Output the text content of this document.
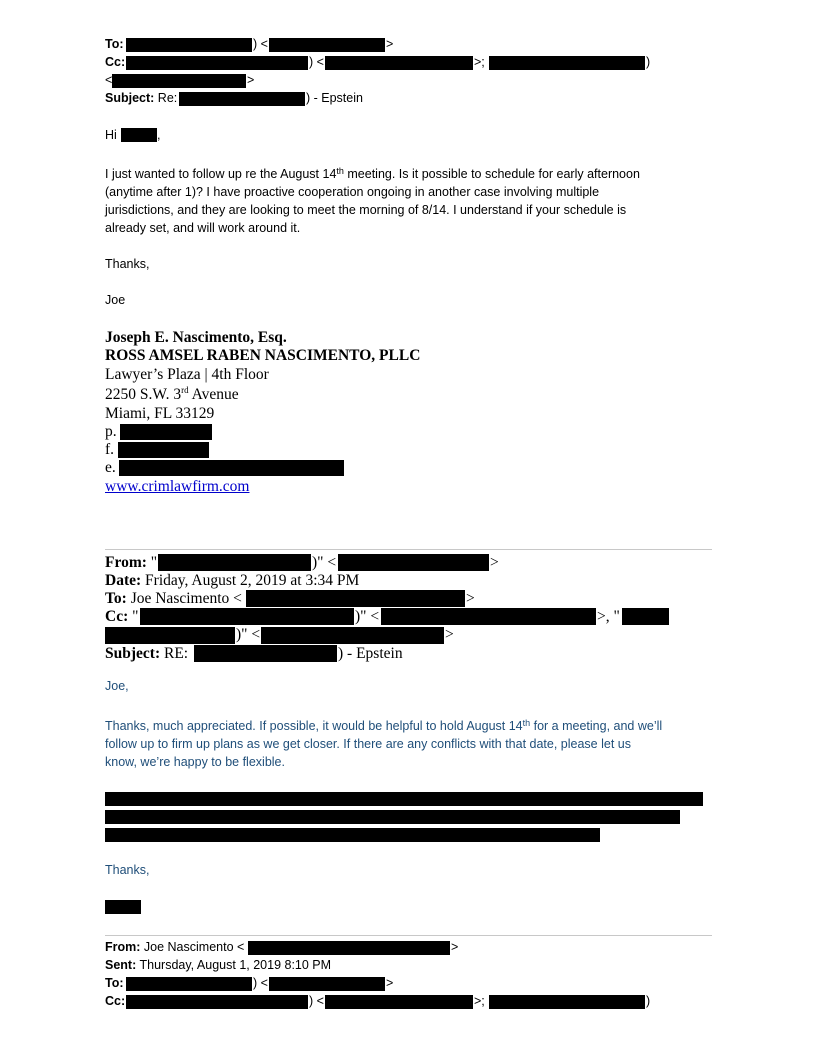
To:	) <	>
Cc:	) <	>;	)
<	>
Subject: Re:	) - Epstein
Hi	,
I just wanted to follow up re the August 14th meeting. Is it possible to schedule for early afternoon
(anytime after 1)? I have proactive cooperation ongoing in another case involving multiple
jurisdictions, and they are looking to meet the morning of 8/14. I understand if your schedule is
already set, and will work around it.
Thanks,
Joe
Joseph E. Nascimento, Esq.
ROSS AMSEL RABEN NASCIMENTO, PLLC
Lawyer’s Plaza | 4th Floor
2250 S.W. 3rd Avenue
Miami, FL 33129
p.
f.
e.
www.crimlawfirm.com
From: "	)" <	>
Date: Friday, August 2, 2019 at 3:34 PM
To: Joe Nascimento <	>
Cc: "	)" <	>, "
)" <	>
Subject: RE:	) - Epstein
Joe,
Thanks, much appreciated. If possible, it would be helpful to hold August 14th for a meeting, and we’ll
follow up to firm up plans as we get closer. If there are any conflicts with that date, please let us
know, we’re happy to be flexible.
Thanks,
From: Joe Nascimento <	>
Sent: Thursday, August 1, 2019 8:10 PM
To:	) <	>
Cc:	) <	>;	)
